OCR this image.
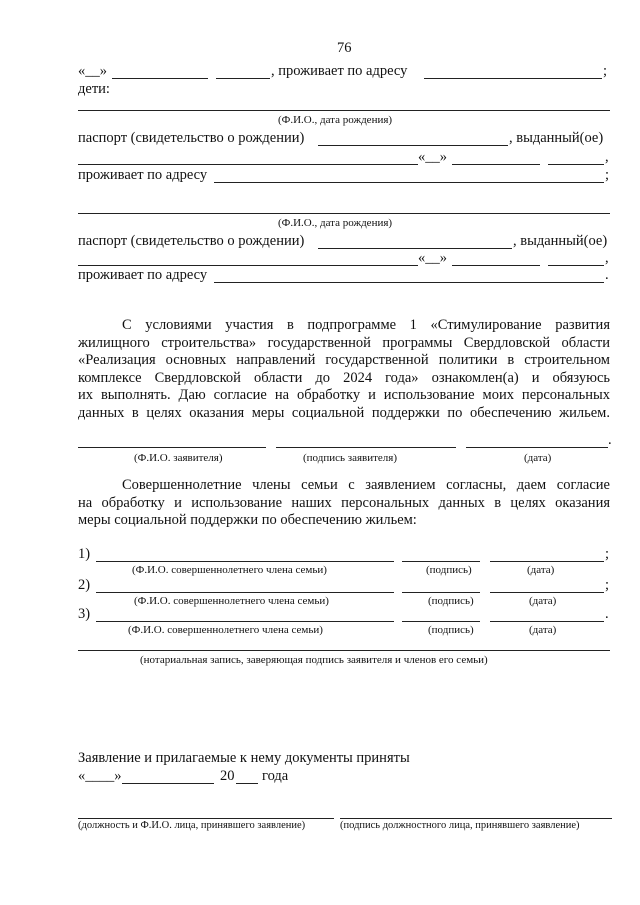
76
«__»	, проживает по адресу	;
дети:
(Ф.И.О., дата рождения)
паспорт (свидетельство о рождении)	, выданный(ое)
«__»	,
проживает по адресу	;
(Ф.И.О., дата рождения)
паспорт (свидетельство о рождении)	, выданный(ое)
«__»	,
проживает по адресу	.
С условиями участия в подпрограмме 1 «Стимулирование развития
жилищного строительства» государственной программы Свердловской области
«Реализация основных направлений государственной политики в строительном
комплексе Свердловской области до 2024 года» ознакомлен(а) и обязуюсь
их выполнять. Даю согласие на обработку и использование моих персональных
данных в целях оказания меры социальной поддержки по обеспечению жильем.
.
(Ф.И.О. заявителя)	(подпись заявителя)	(дата)
Совершеннолетние члены семьи с заявлением согласны, даем согласие
на обработку и использование наших персональных данных в целях оказания
меры социальной поддержки по обеспечению жильем:
1)	;
(Ф.И.О. совершеннолетнего члена семьи)	(подпись)	(дата)
2)	;
(Ф.И.О. совершеннолетнего члена семьи)	(подпись)	(дата)
3)	.
(Ф.И.О. совершеннолетнего члена семьи)	(подпись)	(дата)
(нотариальная запись, заверяющая подпись заявителя и членов его семьи)
Заявление и прилагаемые к нему документы приняты
«____»	20 года
(должность и Ф.И.О. лица, принявшего заявление)	(подпись должностного лица, принявшего заявление)
